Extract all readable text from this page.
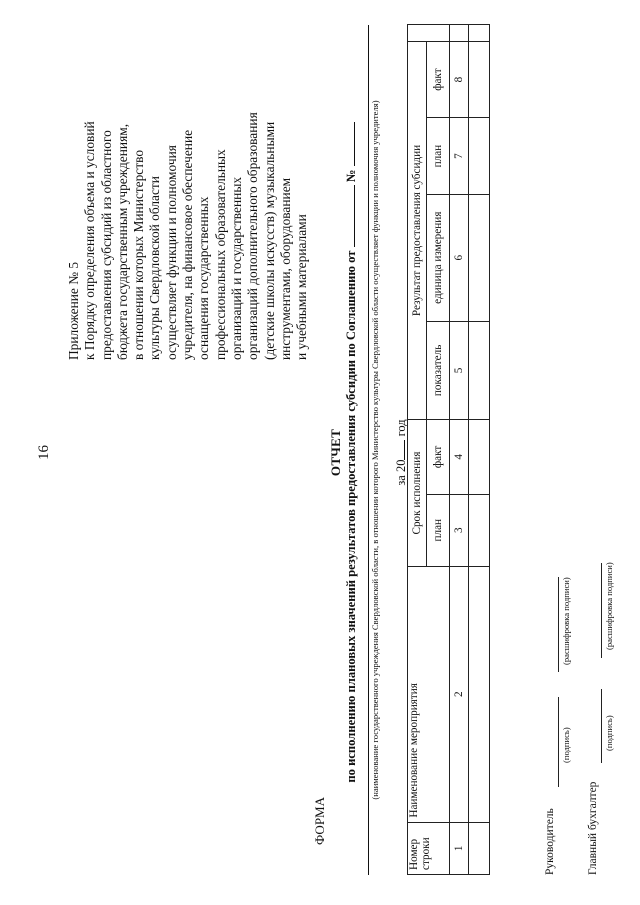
16
Приложение № 5 к Порядку определения объема и условий предоставления субсидий из областного бюджета государственным учреждениям, в отношении которых Министерство культуры Свердловской области осуществляет функции и полномочия учредителя, на финансовое обеспечение оснащения государственных профессиональных образовательных организаций и государственных организаций дополнительного образования (детские школы искусств) музыкальными инструментами, оборудованием и учебными материалами
ФОРМА
ОТЧЕТ по исполнению плановых значений результатов предоставления субсидии по Соглашению от  № (наименование государственного учреждения Свердловской области, в отношении которого Министерство культуры Свердловской области осуществляет функции и полномочия учредителя) за 20 год
Номер строки	Наименование мероприятия	Срок исполнения		Результат предоставления субсидии				
		план	факт	показатель	единица измерения	план	факт	
1	2	3	4	5	6	7	8	

Руководитель
(подпись)
(расшифровка подписи)
Главный бухгалтер
(подпись)
(расшифровка подписи)
